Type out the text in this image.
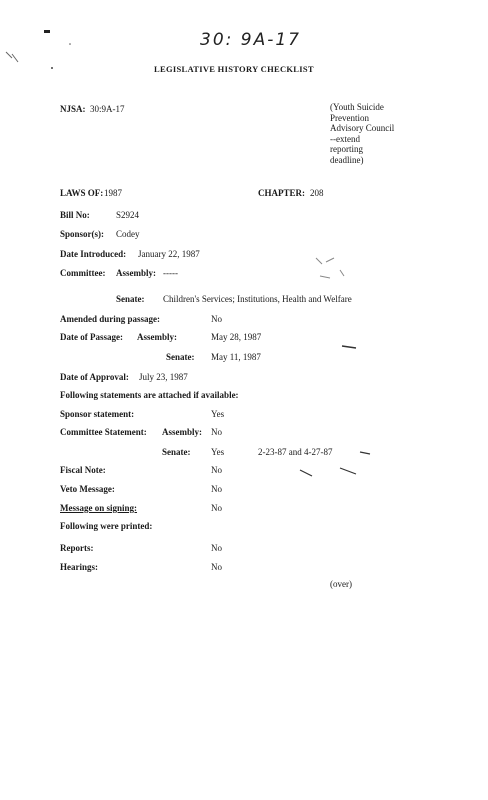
30: 9A-17
LEGISLATIVE HISTORY CHECKLIST
NJSA: 30:9A-17	(Youth Suicide
Prevention
Advisory Council
--extend
reporting
deadline)
LAWS OF: 1987	CHAPTER: 208
Bill No:	S2924
Sponsor(s): Codey
Date Introduced: January 22, 1987
Committee: Assembly: -----
Senate: Children's Services; Institutions, Health and Welfare
Amended during passage:	No
Date of Passage: Assembly:	May 28, 1987
Senate: May 11, 1987
Date of Approval: July 23, 1987
Following statements are attached if available:
Sponsor statement:	Yes
Committee Statement: Assembly: No
Senate: Yes	2-23-87 and 4-27-87
Fiscal Note:	No
Veto Message:	No
Message on signing:	No
Following were printed:
Reports:	No
Hearings:	No
(over)
